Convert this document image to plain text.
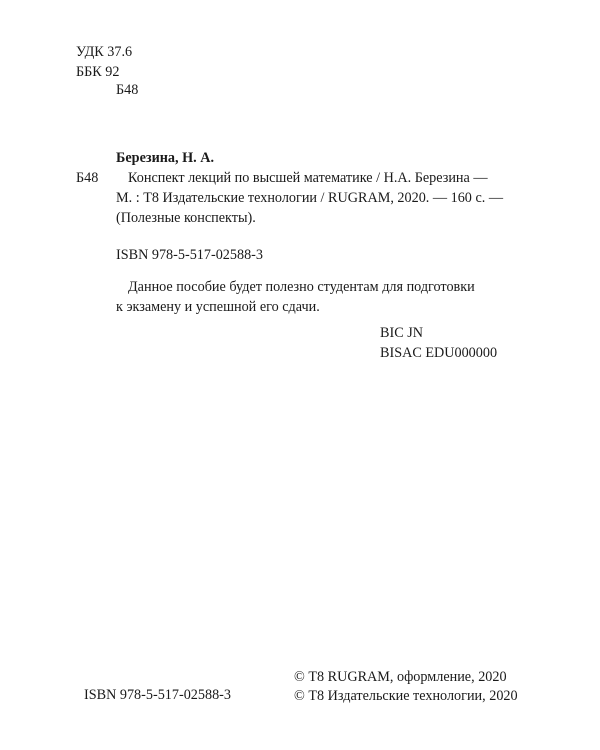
УДК 37.6
ББК 92
Б48
Березина, Н. А.
Б48	Конспект лекций по высшей математике / Н.А. Березина —
М. : Т8 Издательские технологии / RUGRAM, 2020. — 160 с. —
(Полезные конспекты).
ISBN 978-5-517-02588-3
Данное пособие будет полезно студентам для подготовки
к экзамену и успешной его сдачи.
BIC JN
BISAC EDU000000
ISBN 978-5-517-02588-3
© Т8 RUGRAM, оформление, 2020
© Т8 Издательские технологии, 2020
